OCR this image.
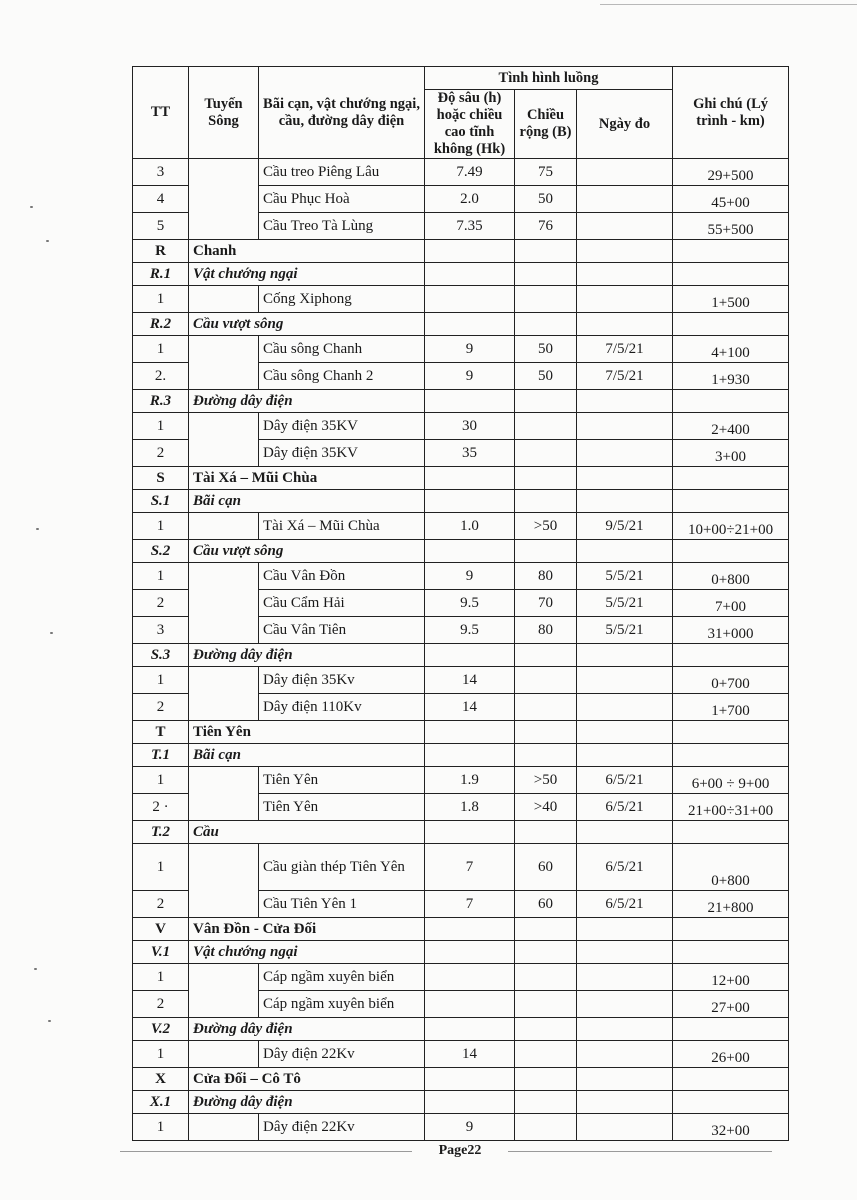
TT	Tuyến Sông	Bãi cạn, vật chướng ngại, cầu, đường dây điện	Tình hình luồng			Ghi chú (Lý trình - km)
			Độ sâu (h) hoặc chiều cao tĩnh không (Hk)	Chiều rộng (B)	Ngày đo	
3		Cầu treo Piêng Lâu	7.49	75		29+500
4		Cầu Phục Hoà	2.0	50		45+00
5		Cầu Treo Tà Lùng	7.35	76		55+500
R	Chanh					
R.1	Vật chướng ngại					
1		Cống Xiphong				1+500
R.2	Cầu vượt sông					
1		Cầu sông Chanh	9	50	7/5/21	4+100
2.		Cầu sông Chanh 2	9	50	7/5/21	1+930
R.3	Đường dây điện					
1		Dây điện 35KV	30			2+400
2		Dây điện 35KV	35			3+00
S	Tài Xá – Mũi Chùa					
S.1	Bãi cạn					
1		Tài Xá – Mũi Chùa	1.0	>50	9/5/21	10+00÷21+00
S.2	Cầu vượt sông					
1		Cầu Vân Đồn	9	80	5/5/21	0+800
2		Cầu Cẩm Hải	9.5	70	5/5/21	7+00
3		Cầu Vân Tiên	9.5	80	5/5/21	31+000
S.3	Đường dây điện					
1		Dây điện 35Kv	14			0+700
2		Dây điện 110Kv	14			1+700
T	Tiên Yên					
T.1	Bãi cạn					
1		Tiên Yên	1.9	>50	6/5/21	6+00 ÷ 9+00
2 ·		Tiên Yên	1.8	>40	6/5/21	21+00÷31+00
T.2	Cầu					
1		Cầu giàn thép Tiên Yên	7	60	6/5/21	0+800
2		Cầu Tiên Yên 1	7	60	6/5/21	21+800
V	Vân Đồn - Cửa Đối					
V.1	Vật chướng ngại					
1		Cáp ngầm xuyên biển				12+00
2		Cáp ngầm xuyên biển				27+00
V.2	Đường dây điện					
1		Dây điện 22Kv	14			26+00
X	Cửa Đối – Cô Tô					
X.1	Đường dây điện					
1		Dây điện 22Kv	9			32+00
Page22
